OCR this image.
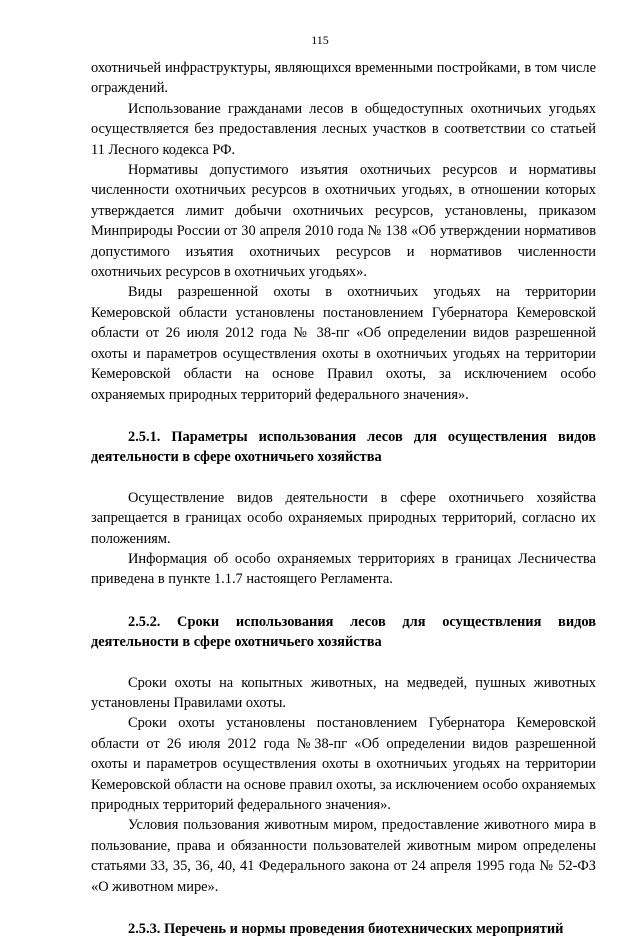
115

охотничьей инфраструктуры, являющихся временными постройками, в том числе ограждений.

Использование гражданами лесов в общедоступных охотничьих угодьях осуществляется без предоставления лесных участков в соответствии со статьей 11 Лесного кодекса РФ.

Нормативы допустимого изъятия охотничьих ресурсов и нормативы численности охотничьих ресурсов в охотничьих угодьях, в отношении которых утверждается лимит добычи охотничьих ресурсов, установлены, приказом Минприроды России от 30 апреля 2010 года № 138 «Об утверждении нормативов допустимого изъятия охотничьих ресурсов и нормативов численности охотничьих ресурсов в охотничьих угодьях».

Виды разрешенной охоты в охотничьих угодьях на территории Кемеровской области установлены постановлением Губернатора Кемеровской области от 26 июля 2012 года № 38-пг «Об определении видов разрешенной охоты и параметров осуществления охоты в охотничьих угодьях на территории Кемеровской области на основе Правил охоты, за исключением особо охраняемых природных территорий федерального значения».

2.5.1. Параметры использования лесов для осуществления видов деятельности в сфере охотничьего хозяйства

Осуществление видов деятельности в сфере охотничьего хозяйства запрещается в границах особо охраняемых природных территорий, согласно их положениям.

Информация об особо охраняемых территориях в границах Лесничества приведена в пункте 1.1.7 настоящего Регламента.

2.5.2. Сроки использования лесов для осуществления видов деятельности в сфере охотничьего хозяйства

Сроки охоты на копытных животных, на медведей, пушных животных установлены Правилами охоты.

Сроки охоты установлены постановлением Губернатора Кемеровской области от 26 июля 2012 года №38-пг «Об определении видов разрешенной охоты и параметров осуществления охоты в охотничьих угодьях на территории Кемеровской области на основе правил охоты, за исключением особо охраняемых природных территорий федерального значения».

Условия пользования животным миром, предоставление животного мира в пользование, права и обязанности пользователей животным миром определены статьями 33, 35, 36, 40, 41 Федерального закона от 24 апреля 1995 года № 52-ФЗ «О животном мире».

2.5.3. Перечень и нормы проведения биотехнических мероприятий
